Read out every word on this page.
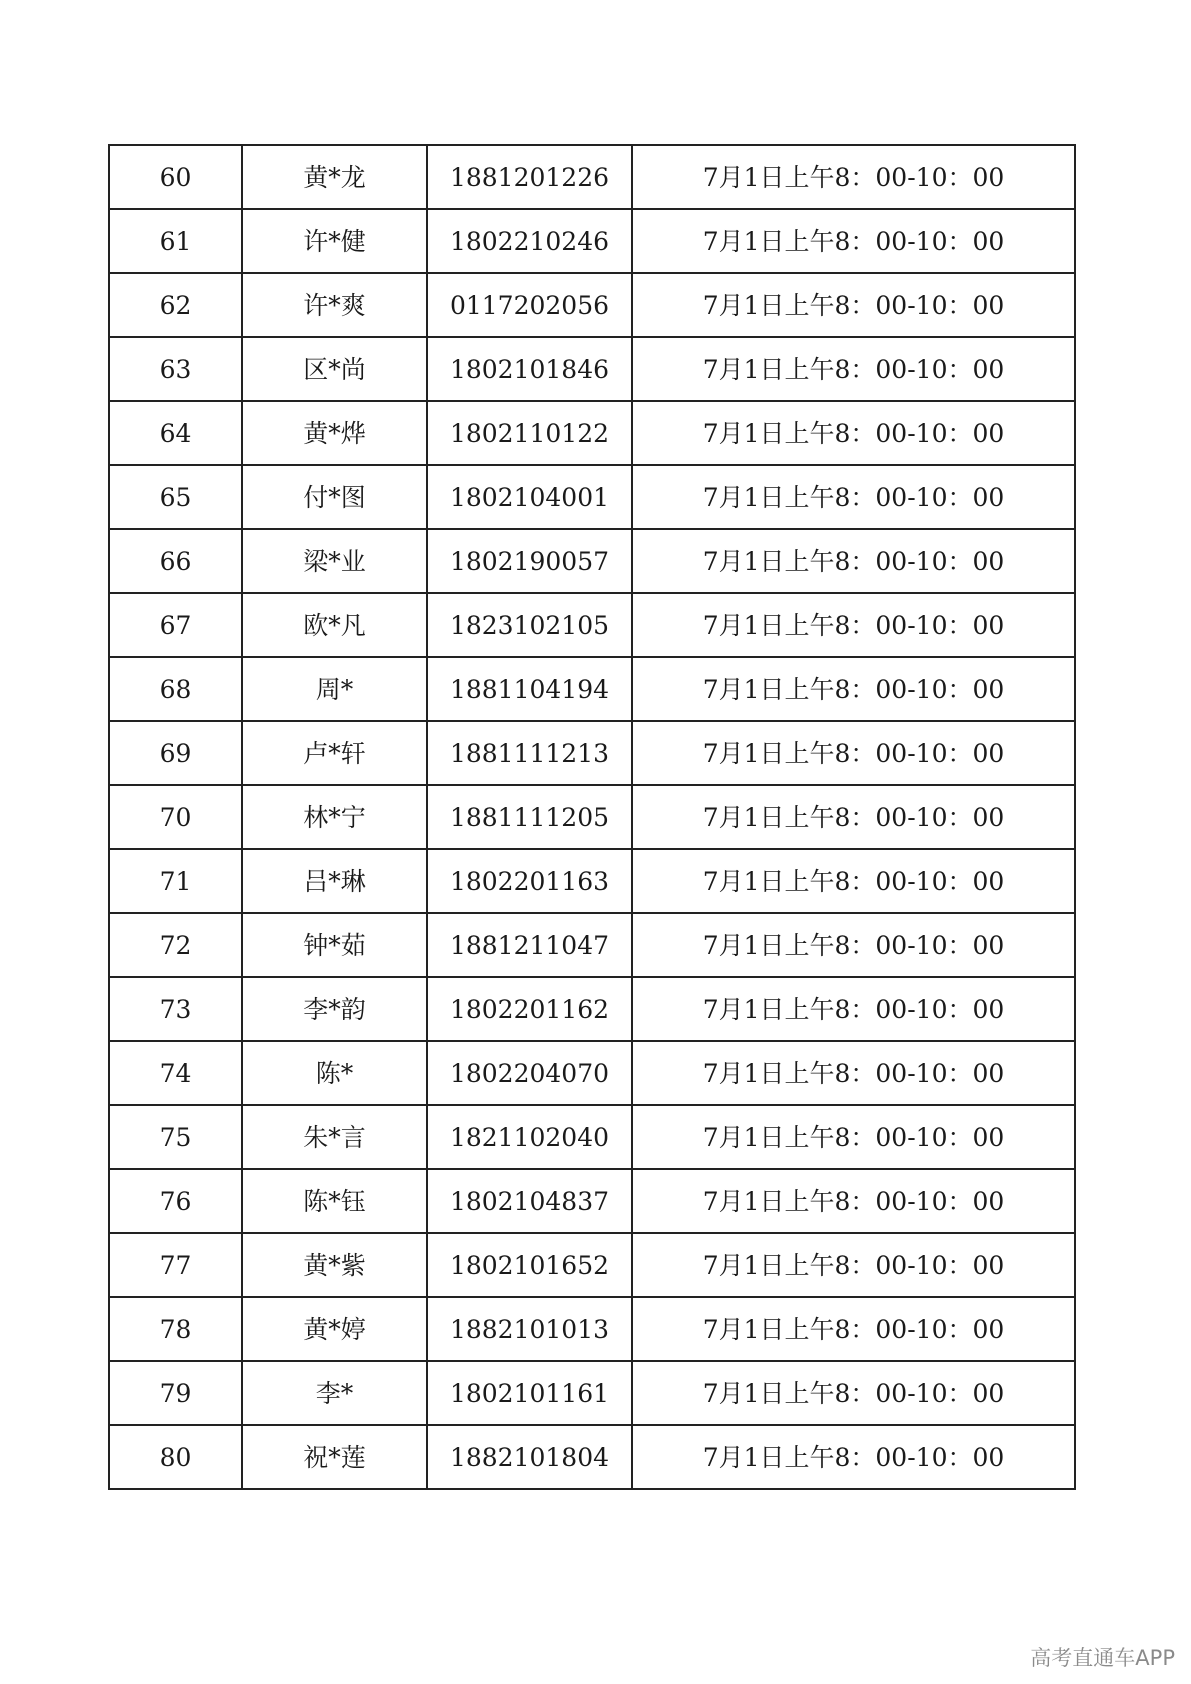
60	黄*龙	1881201226	7月1日上午8：00-10：00
61	许*健	1802210246	7月1日上午8：00-10：00
62	许*爽	0117202056	7月1日上午8：00-10：00
63	区*尚	1802101846	7月1日上午8：00-10：00
64	黄*烨	1802110122	7月1日上午8：00-10：00
65	付*图	1802104001	7月1日上午8：00-10：00
66	梁*业	1802190057	7月1日上午8：00-10：00
67	欧*凡	1823102105	7月1日上午8：00-10：00
68	周*	1881104194	7月1日上午8：00-10：00
69	卢*轩	1881111213	7月1日上午8：00-10：00
70	林*宁	1881111205	7月1日上午8：00-10：00
71	吕*琳	1802201163	7月1日上午8：00-10：00
72	钟*茹	1881211047	7月1日上午8：00-10：00
73	李*韵	1802201162	7月1日上午8：00-10：00
74	陈*	1802204070	7月1日上午8：00-10：00
75	朱*言	1821102040	7月1日上午8：00-10：00
76	陈*钰	1802104837	7月1日上午8：00-10：00
77	黄*紫	1802101652	7月1日上午8：00-10：00
78	黄*婷	1882101013	7月1日上午8：00-10：00
79	李*	1802101161	7月1日上午8：00-10：00
80	祝*莲	1882101804	7月1日上午8：00-10：00
高考直通车APP
